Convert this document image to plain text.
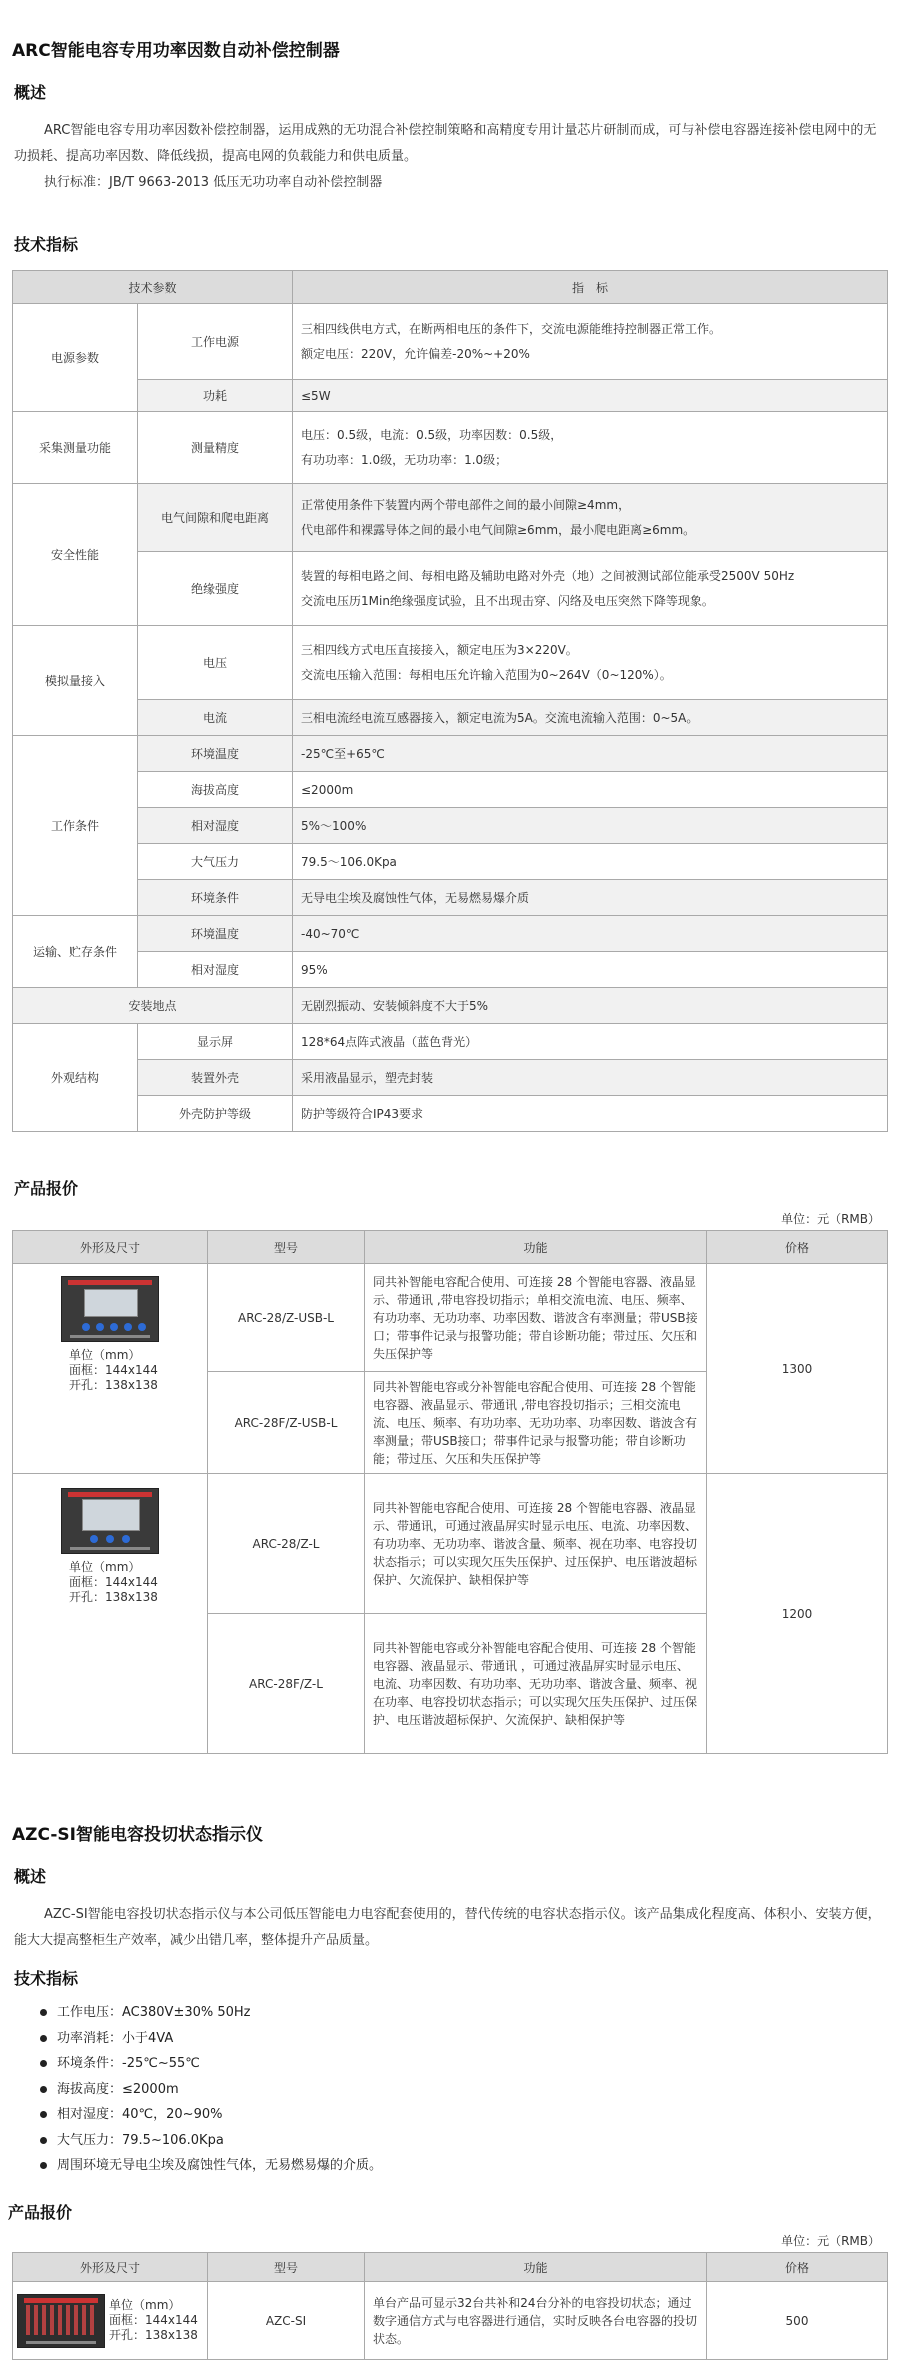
ARC智能电容专用功率因数自动补偿控制器
概述
ARC智能电容专用功率因数补偿控制器，运用成熟的无功混合补偿控制策略和高精度专用计量芯片研制而成，可与补偿电容器连接补偿电网中的无功损耗、提高功率因数、降低线损，提高电网的负载能力和供电质量。
执行标准：JB/T 9663-2013 低压无功功率自动补偿控制器
技术指标
技术参数		指　标
电源参数	工作电源	三相四线供电方式，在断两相电压的条件下，交流电源能维持控制器正常工作。
额定电压：220V，允许偏差-20%~+20%

	功耗	≤5W
采集测量功能	测量精度	电压：0.5级，电流：0.5级，功率因数：0.5级，
有功功率：1.0级，无功功率：1.0级；

安全性能	电气间隙和爬电距离	正常使用条件下装置内两个带电部件之间的最小间隙≥4mm，
代电部件和裸露导体之间的最小电气间隙≥6mm，最小爬电距离≥6mm。

	绝缘强度	装置的每相电路之间、每相电路及辅助电路对外壳（地）之间被测试部位能承受2500V 50Hz
交流电压历1Min绝缘强度试验，且不出现击穿、闪络及电压突然下降等现象。

模拟量接入	电压	三相四线方式电压直接接入，额定电压为3×220V。
交流电压输入范围：每相电压允许输入范围为0~264V（0~120%）。

	电流	三相电流经电流互感器接入，额定电流为5A。交流电流输入范围：0~5A。
工作条件	环境温度	-25℃至+65℃
	海拔高度	≤2000m
	相对湿度	5%～100%
	大气压力	79.5～106.0Kpa
	环境条件	无导电尘埃及腐蚀性气体，无易燃易爆介质
运输、贮存条件	环境温度	-40~70℃
	相对湿度	95%
安装地点		无剧烈振动、安装倾斜度不大于5%
外观结构	显示屏	128*64点阵式液晶（蓝色背光）
	装置外壳	采用液晶显示，塑壳封装
	外壳防护等级	防护等级符合IP43要求
产品报价
单位：元（RMB）
外形及尺寸	型号	功能	价格

单位（mm）
面框：144x144
开孔：138x138	ARC-28/Z-USB-L	同共补智能电容配合使用、可连接 28 个智能电容器、液晶显示、带通讯 ,带电容投切指示；单相交流电流、电压、频率、有功功率、无功功率、功率因数、谐波含有率测量；带USB接口；带事件记录与报警功能；带自诊断功能；带过压、欠压和失压保护等	1300
	ARC-28F/Z-USB-L	同共补智能电容或分补智能电容配合使用、可连接 28 个智能电容器、液晶显示、带通讯 ,带电容投切指示；三相交流电流、电压、频率、有功功率、无功功率、功率因数、谐波含有率测量；带USB接口；带事件记录与报警功能；带自诊断功能；带过压、欠压和失压保护等	

单位（mm）
面框：144x144
开孔：138x138	ARC-28/Z-L	同共补智能电容配合使用、可连接 28 个智能电容器、液晶显示、带通讯，可通过液晶屏实时显示电压、电流、功率因数、有功功率、无功功率、谐波含量、频率、视在功率、电容投切状态指示；可以实现欠压失压保护、过压保护、电压谐波超标保护、欠流保护、缺相保护等	1200
	ARC-28F/Z-L	同共补智能电容或分补智能电容配合使用、可连接 28 个智能电容器、液晶显示、带通讯 ，可通过液晶屏实时显示电压、电流、功率因数、有功功率、无功功率、谐波含量、频率、视在功率、电容投切状态指示；可以实现欠压失压保护、过压保护、电压谐波超标保护、欠流保护、缺相保护等	
AZC-SI智能电容投切状态指示仪
概述
AZC-SI智能电容投切状态指示仪与本公司低压智能电力电容配套使用的，替代传统的电容状态指示仪。该产品集成化程度高、体积小、安装方便，能大大提高整柜生产效率，减少出错几率，整体提升产品质量。
技术指标
工作电压：AC380V±30% 50Hz
功率消耗：小于4VA
环境条件：-25℃~55℃
海拔高度：≤2000m
相对湿度：40℃，20~90%
大气压力：79.5~106.0Kpa
周围环境无导电尘埃及腐蚀性气体，无易燃易爆的介质。
产品报价
单位：元（RMB）
外形及尺寸	型号	功能	价格

单位（mm）
面框：144x144
开孔：138x138	AZC-SI	单台产品可显示32台共补和24台分补的电容投切状态；通过数字通信方式与电容器进行通信，实时反映各台电容器的投切状态。	500
